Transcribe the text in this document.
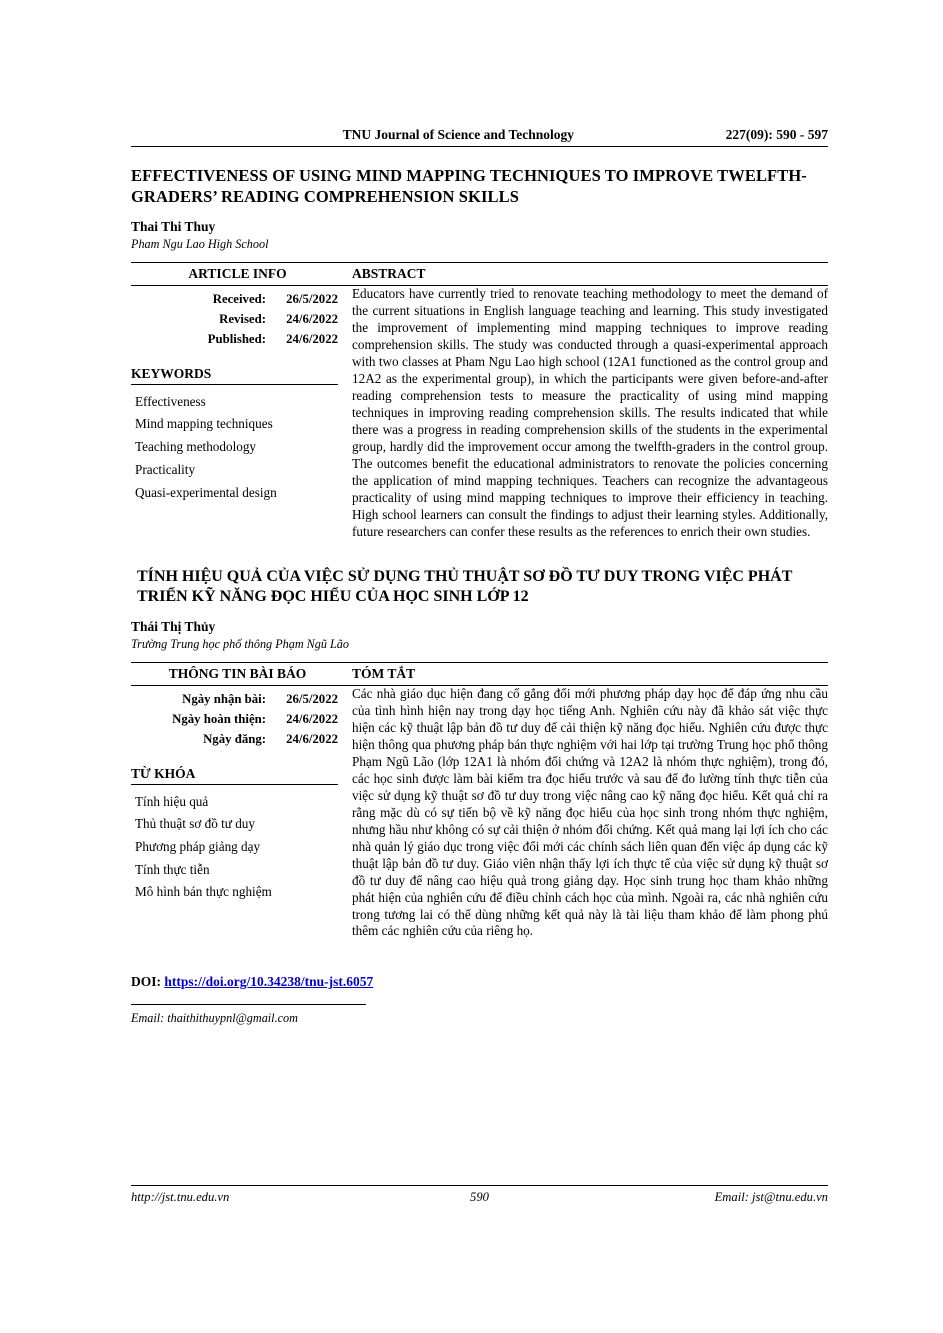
TNU Journal of Science and Technology	227(09): 590 - 597
EFFECTIVENESS OF USING MIND MAPPING TECHNIQUES TO IMPROVE TWELFTH-GRADERS’ READING COMPREHENSION SKILLS
Thai Thi Thuy
Pham Ngu Lao High School
ARTICLE INFO	ABSTRACT
Received:	26/5/2022
Revised:	24/6/2022
Published:	24/6/2022
KEYWORDS
Effectiveness
Mind mapping techniques
Teaching methodology
Practicality
Quasi-experimental design
Educators have currently tried to renovate teaching methodology to meet the demand of the current situations in English language teaching and learning. This study investigated the improvement of implementing mind mapping techniques to improve reading comprehension skills. The study was conducted through a quasi-experimental approach with two classes at Pham Ngu Lao high school (12A1 functioned as the control group and 12A2 as the experimental group), in which the participants were given before-and-after reading comprehension tests to measure the practicality of using mind mapping techniques in improving reading comprehension skills. The results indicated that while there was a progress in reading comprehension skills of the students in the experimental group, hardly did the improvement occur among the twelfth-graders in the control group. The outcomes benefit the educational administrators to renovate the policies concerning the application of mind mapping techniques. Teachers can recognize the advantageous practicality of using mind mapping techniques to improve their efficiency in teaching. High school learners can consult the findings to adjust their learning styles. Additionally, future researchers can confer these results as the references to enrich their own studies.
TÍNH HIỆU QUẢ CỦA VIỆC SỬ DỤNG THỦ THUẬT SƠ ĐỒ TƯ DUY TRONG VIỆC PHÁT TRIỂN KỸ NĂNG ĐỌC HIỂU CỦA HỌC SINH LỚP 12
Thái Thị Thủy
Trường Trung học phổ thông Phạm Ngũ Lão
THÔNG TIN BÀI BÁO	TÓM TẮT
Ngày nhận bài:	26/5/2022
Ngày hoàn thiện:	24/6/2022
Ngày đăng:	24/6/2022
TỪ KHÓA
Tính hiệu quả
Thủ thuật sơ đồ tư duy
Phương pháp giảng dạy
Tính thực tiễn
Mô hình bán thực nghiệm
Các nhà giáo dục hiện đang cố gắng đổi mới phương pháp dạy học để đáp ứng nhu cầu của tình hình hiện nay trong dạy học tiếng Anh. Nghiên cứu này đã khảo sát việc thực hiện các kỹ thuật lập bản đồ tư duy để cải thiện kỹ năng đọc hiểu. Nghiên cứu được thực hiện thông qua phương pháp bán thực nghiệm với hai lớp tại trường Trung học phổ thông Phạm Ngũ Lão (lớp 12A1 là nhóm đối chứng và 12A2 là nhóm thực nghiệm), trong đó, các học sinh được làm bài kiểm tra đọc hiểu trước và sau để đo lường tính thực tiễn của việc sử dụng kỹ thuật sơ đồ tư duy trong việc nâng cao kỹ năng đọc hiểu. Kết quả chỉ ra rằng mặc dù có sự tiến bộ về kỹ năng đọc hiểu của học sinh trong nhóm thực nghiệm, nhưng hầu như không có sự cải thiện ở nhóm đối chứng. Kết quả mang lại lợi ích cho các nhà quản lý giáo dục trong việc đổi mới các chính sách liên quan đến việc áp dụng các kỹ thuật lập bản đồ tư duy. Giáo viên nhận thấy lợi ích thực tế của việc sử dụng kỹ thuật sơ đồ tư duy để nâng cao hiệu quả trong giảng dạy. Học sinh trung học tham khảo những phát hiện của nghiên cứu để điều chỉnh cách học của mình. Ngoài ra, các nhà nghiên cứu trong tương lai có thể dùng những kết quả này là tài liệu tham khảo để làm phong phú thêm các nghiên cứu của riêng họ.
DOI: https://doi.org/10.34238/tnu-jst.6057
Email: thaithithuypnl@gmail.com
http://jst.tnu.edu.vn	590	Email: jst@tnu.edu.vn
